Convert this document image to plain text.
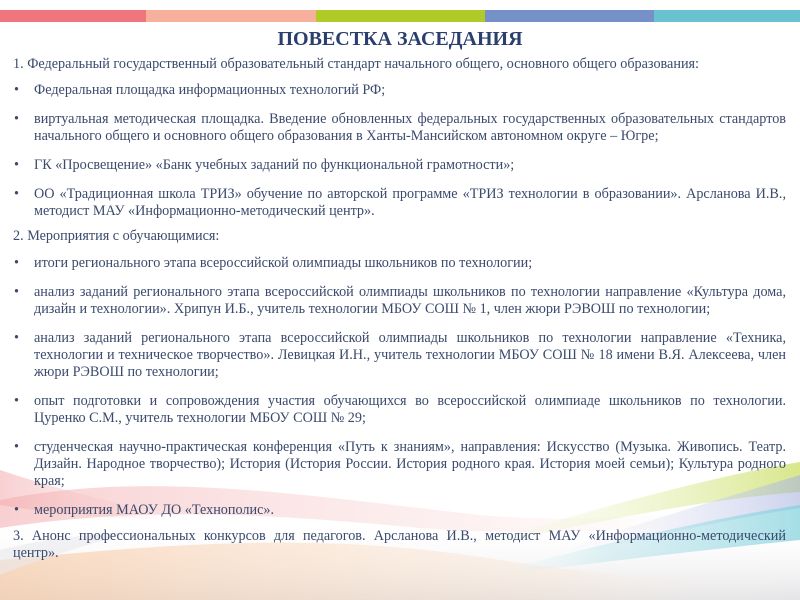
ПОВЕСТКА ЗАСЕДАНИЯ

1. Федеральный государственный образовательный стандарт начального общего, основного общего образования:

•	Федеральная площадка информационных технологий РФ;
•	виртуальная методическая площадка. Введение обновленных федеральных государственных образовательных стандартов начального общего и основного общего образования в Ханты-Мансийском автономном округе – Югре;
•	ГК «Просвещение» «Банк учебных заданий по функциональной грамотности»;
•	ОО «Традиционная школа ТРИЗ» обучение по авторской программе «ТРИЗ технологии в образовании». Арсланова И.В., методист МАУ «Информационно-методический центр».

2. Мероприятия с обучающимися:

•	итоги регионального этапа всероссийской олимпиады школьников по технологии;
•	анализ заданий регионального этапа всероссийской олимпиады школьников по технологии направление «Культура дома, дизайн и технологии». Хрипун И.Б., учитель технологии МБОУ СОШ № 1, член жюри РЭВОШ по технологии;
•	анализ заданий регионального этапа всероссийской олимпиады школьников по технологии направление «Техника, технологии и техническое творчество». Левицкая И.Н., учитель технологии МБОУ СОШ № 18 имени В.Я. Алексеева, член жюри РЭВОШ по технологии;
•	опыт подготовки и сопровождения участия обучающихся во всероссийской олимпиаде школьников по технологии. Цуренко С.М., учитель технологии МБОУ СОШ № 29;
•	студенческая научно-практическая конференция «Путь к знаниям», направления: Искусство (Музыка. Живопись. Театр. Дизайн. Народное творчество); История (История России. История родного края. История моей семьи); Культура родного края;
•	мероприятия МАОУ ДО «Технополис».

3. Анонс профессиональных конкурсов для педагогов. Арсланова И.В., методист МАУ «Информационно-методический центр».
